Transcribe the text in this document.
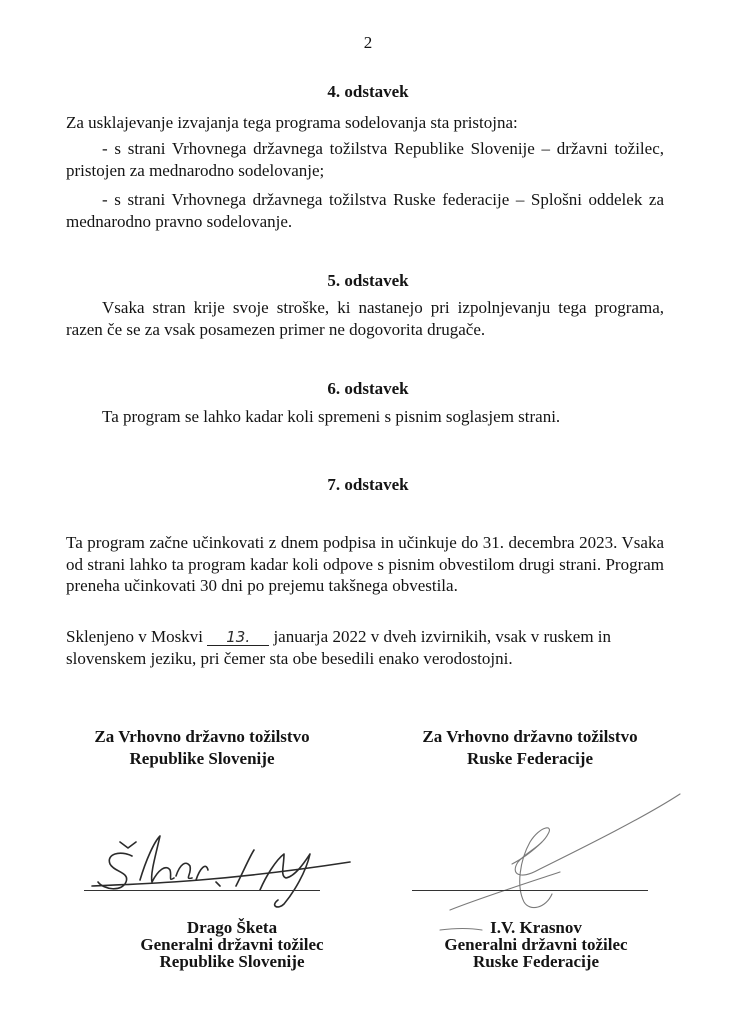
2
4. odstavek

Za usklajevanje izvajanja tega programa sodelovanja sta pristojna:

- s strani Vrhovnega državnega tožilstva Republike Slovenije – državni tožilec, pristojen za mednarodno sodelovanje;

- s strani Vrhovnega državnega tožilstva Ruske federacije – Splošni oddelek za mednarodno pravno sodelovanje.

5. odstavek

Vsaka stran krije svoje stroške, ki nastanejo pri izpolnjevanju tega programa, razen če se za vsak posamezen primer ne dogovorita drugače.

6. odstavek

Ta program se lahko kadar koli spremeni s pisnim soglasjem strani.

7. odstavek

Ta program začne učinkovati z dnem podpisa in učinkuje do 31. decembra 2023. Vsaka od strani lahko ta program kadar koli odpove s pisnim obvestilom drugi strani. Program preneha učinkovati 30 dni po prejemu takšnega obvestila.

Sklenjeno v Moskvi 13. januarja 2022 v dveh izvirnikih, vsak v ruskem in slovenskem jeziku, pri čemer sta obe besedili enako verodostojni.

Za Vrhovno državno tožilstvo
Republike Slovenije
Za Vrhovno državno tožilstvo
Ruske Federacije
Drago Šketa
Generalni državni tožilec
Republike Slovenije
I.V. Krasnov
Generalni državni tožilec
Ruske Federacije
